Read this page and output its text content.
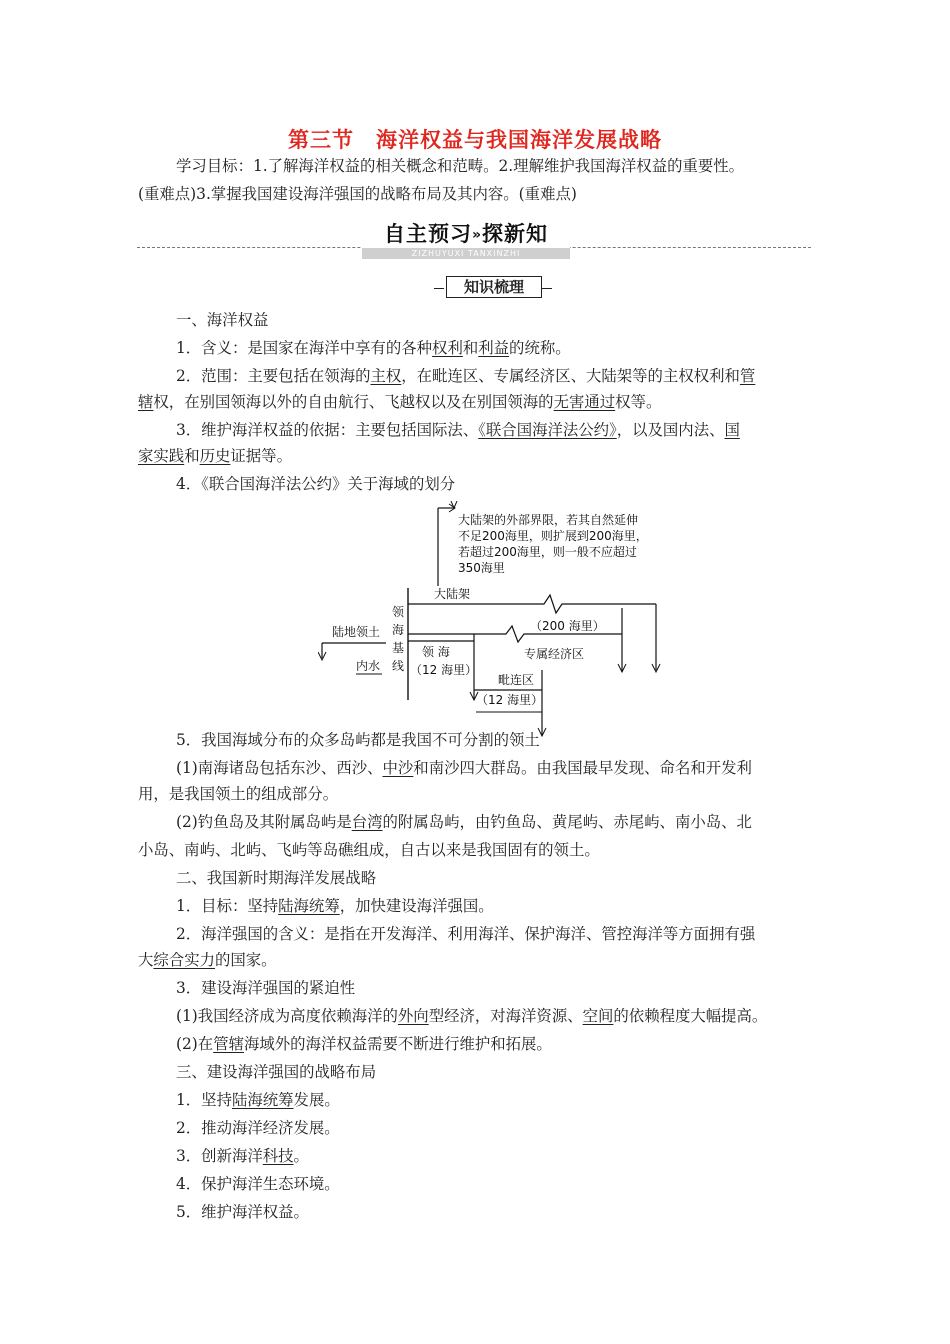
第三节 海洋权益与我国海洋发展战略
学习目标：1.了解海洋权益的相关概念和范畴。2.理解维护我国海洋权益的重要性。
(重难点)3.掌握我国建设海洋强国的战略布局及其内容。(重难点)
自主预习»探新知
ZIZHUYUXI TANXINZHI
知识梳理
一、海洋权益
1．含义：是国家在海洋中享有的各种权利和利益的统称。
2．范围：主要包括在领海的主权，在毗连区、专属经济区、大陆架等的主权权利和管
辖权，在别国领海以外的自由航行、飞越权以及在别国领海的无害通过权等。
3．维护海洋权益的依据：主要包括国际法、《联合国海洋法公约》，以及国内法、国
家实践和历史证据等。
4．《联合国海洋法公约》关于海域的划分
大陆架的外部界限，若其自然延伸
不足200海里，则扩展到200海里，
若超过200海里，则一般不应超过
350海里
大陆架
领
海
基
线
陆地领土
内水
（200 海里）
专属经济区
领 海
（12 海里）
毗连区
（12 海里）
5．我国海域分布的众多岛屿都是我国不可分割的领土
(1)南海诸岛包括东沙、西沙、中沙和南沙四大群岛。由我国最早发现、命名和开发利
用，是我国领土的组成部分。
(2)钓鱼岛及其附属岛屿是台湾的附属岛屿，由钓鱼岛、黄尾屿、赤尾屿、南小岛、北
小岛、南屿、北屿、飞屿等岛礁组成，自古以来是我国固有的领土。
二、我国新时期海洋发展战略
1．目标：坚持陆海统筹，加快建设海洋强国。
2．海洋强国的含义：是指在开发海洋、利用海洋、保护海洋、管控海洋等方面拥有强
大综合实力的国家。
3．建设海洋强国的紧迫性
(1)我国经济成为高度依赖海洋的外向型经济，对海洋资源、空间的依赖程度大幅提高。
(2)在管辖海域外的海洋权益需要不断进行维护和拓展。
三、建设海洋强国的战略布局
1．坚持陆海统筹发展。
2．推动海洋经济发展。
3．创新海洋科技。
4．保护海洋生态环境。
5．维护海洋权益。
